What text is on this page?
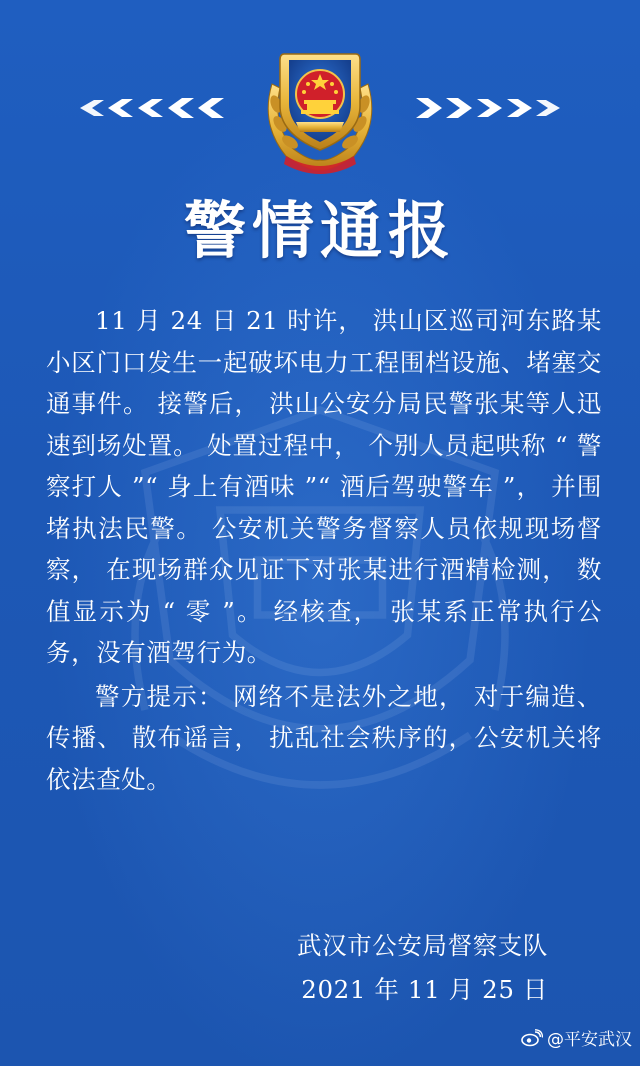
警情通报

11 月 24 日 21 时许， 洪山区巡司河东路某小区门口发生一起破坏电力工程围档设施、堵塞交通事件。 接警后， 洪山公安分局民警张某等人迅速到场处置。 处置过程中， 个别人员起哄称 “ 警察打人 ”“ 身上有酒味 ”“ 酒后驾驶警车 ”， 并围堵执法民警。 公安机关警务督察人员依规现场督察， 在现场群众见证下对张某进行酒精检测， 数值显示为 “ 零 ”。 经核查， 张某系正常执行公务，没有酒驾行为。

警方提示： 网络不是法外之地， 对于编造、 传播、 散布谣言， 扰乱社会秩序的，公安机关将依法查处。

武汉市公安局督察支队
2021 年 11 月 25 日
@平安武汉
